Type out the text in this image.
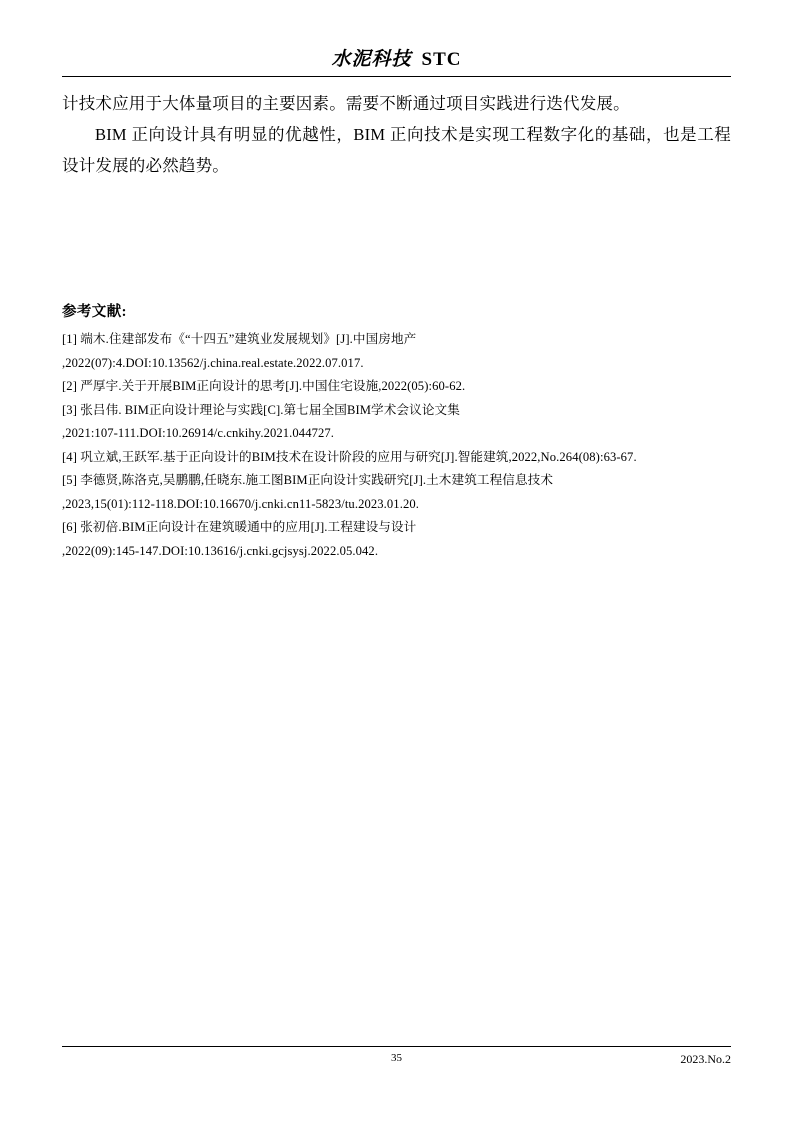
水泥科技 STC

计技术应用于大体量项目的主要因素。需要不断通过项目实践进行迭代发展。

BIM 正向设计具有明显的优越性，BIM 正向技术是实现工程数字化的基础，也是工程设计发展的必然趋势。

参考文献:

[1] 端木.住建部发布《“十四五”建筑业发展规划》[J].中国房地产

,2022(07):4.DOI:10.13562/j.china.real.estate.2022.07.017.

[2] 严厚宇.关于开展BIM正向设计的思考[J].中国住宅设施,2022(05):60-62.

[3] 张吕伟. BIM正向设计理论与实践[C].第七届全国BIM学术会议论文集

,2021:107-111.DOI:10.26914/c.cnkihy.2021.044727.

[4] 巩立斌,王跃军.基于正向设计的BIM技术在设计阶段的应用与研究[J].智能建筑,2022,No.264(08):63-67.

[5] 李德贤,陈洛克,吴鹏鹏,任晓东.施工图BIM正向设计实践研究[J].土木建筑工程信息技术

,2023,15(01):112-118.DOI:10.16670/j.cnki.cn11-5823/tu.2023.01.20.

[6] 张初倍.BIM正向设计在建筑暖通中的应用[J].工程建设与设计

,2022(09):145-147.DOI:10.13616/j.cnki.gcjsysj.2022.05.042.

35	2023.No.2
